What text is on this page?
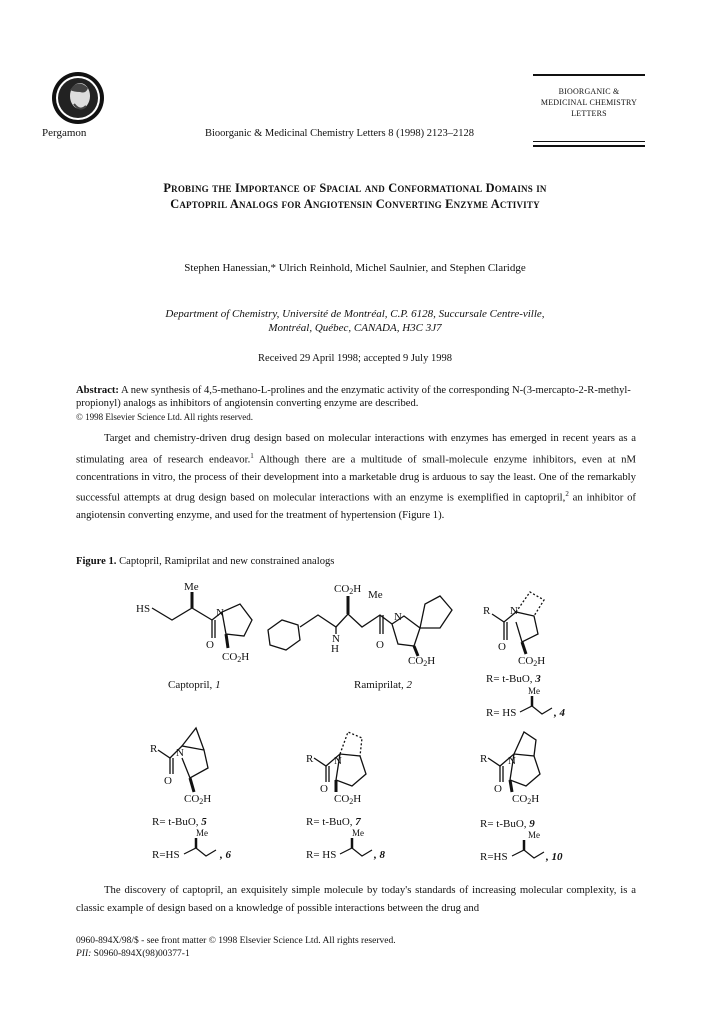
Pergamon	Bioorganic & Medicinal Chemistry Letters 8 (1998) 2123–2128
BIOORGANIC &
MEDICINAL CHEMISTRY
LETTERS
Probing the Importance of Spacial and Conformational Domains in
Captopril Analogs for Angiotensin Converting Enzyme Activity
Stephen Hanessian,* Ulrich Reinhold, Michel Saulnier, and Stephen Claridge
Department of Chemistry, Université de Montréal, C.P. 6128, Succursale Centre-ville,
Montréal, Québec, CANADA, H3C 3J7
Received 29 April 1998; accepted 9 July 1998
Abstract: A new synthesis of 4,5-methano-L-prolines and the enzymatic activity of the corresponding N-(3-mercapto-2-R-methyl-propionyl) analogs as inhibitors of angiotensin converting enzyme are described.
© 1998 Elsevier Science Ltd. All rights reserved.
Target and chemistry-driven drug design based on molecular interactions with enzymes has emerged in recent years as a stimulating area of research endeavor.$^1$ Although there are a multitude of small-molecule enzyme inhibitors, even at nM concentrations in vitro, the process of their development into a marketable drug is arduous to say the least. One of the remarkably successful attempts at drug design based on molecular interactions with an enzyme is exemplified in captopril,$^2$ an inhibitor of angiotensin converting enzyme, and used for the treatment of hypertension (Figure 1).
Figure 1. Captopril, Ramiprilat and new constrained analogs
Me
HS	N
O
CO2H
Captopril, 1
CO2H Me
N
H
N
O
CO2H
Ramiprilat, 2
R N
O
CO2H
R= t-BuO, 3
Me
R= HS	, 4
R N
O
CO2H
R= t-BuO, 5
Me
R=HS	, 6
R N
O
CO2H
R= t-BuO, 7
Me
R= HS	, 8
R N
O
CO2H
R= t-BuO, 9
Me
R=HS	, 10
The discovery of captopril, an exquisitely simple molecule by today's standards of increasing molecular complexity, is a classic example of design based on a knowledge of possible interactions between the drug and
0960-894X/98/$ - see front matter © 1998 Elsevier Science Ltd. All rights reserved.
PII: S0960-894X(98)00377-1
